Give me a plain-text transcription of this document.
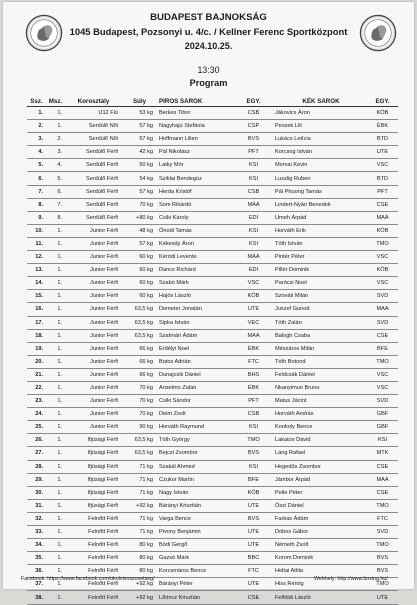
BUDAPEST BAJNOKSÁG
1045 Budapest, Pozsonyi u. 4/c. / Kellner Ferenc Sportközpont
2024.10.25.
13:30
Program
Ssz.	Msz.	Korosztály	Súly	PIROS SAROK	EGY.	KÉK SAROK	EGY.
1.	1.	U12 Fiú	53 kg	Berkes Tibor	CSB	Jákovics Áron	KÖB
2.	1.	Serdülő Női	57 kg	Nagyhajú Stefánia	CSP	Peszek Lili	ÉBK
3.	2.	Serdülő Női	57 kg	Hoffmann Lilien	BVS	Lukács Letícia	BTD
4.	3.	Serdülő Férfi	42 kg	Pál Nikolász	PFT	Korcsog István	UTE
5.	4.	Serdülő Férfi	50 kg	Latky Mór	KSI	Morvai Kevin	VSC
6.	5.	Serdülő Férfi	54 kg	Sziklai Bendegúz	KSI	Luszlig Ruben	BTD
7.	6.	Serdülő Férfi	57 kg	Herda Kristóf	CSB	Pál Phuong Tamás	PFT
8.	7.	Serdülő Férfi	70 kg	Som Rikárdó	MAA	Lindert-Nyári Benedek	CSE
9.	8.	Serdülő Férfi	+80 kg	Csiki Károly	EDI	Umeh Árpád	MAA
10.	1.	Junior Férfi	48 kg	Ónodi Tamás	KSI	Horváth Erik	KÖB
11.	1.	Junior Férfi	57 kg	Kékesdy Áron	KSI	Tóth István	TMO
12.	1.	Junior Férfi	60 kg	Kéródi Levente	MAA	Pintér Péter	VSC
13.	1.	Junior Férfi	60 kg	Dancs Richárd	EDI	Pillér Dominik	KÖB
14.	1.	Junior Férfi	60 kg	Szabó Márk	VSC	Paróczi Noel	VSC
15.	1.	Junior Férfi	60 kg	Hajós László	KÖB	Szováti Milán	SVD
16.	1.	Junior Férfi	63,5 kg	Demeter Jonatán	UTE	Juszef Gunod	MAA
17.	1.	Junior Férfi	63,5 kg	Sipka István	VEC	Tóth Zalán	SVD
18.	1.	Junior Férfi	63,5 kg	Szatmári Ádám	MAA	Balogh Csaba	CSE
19.	1.	Junior Férfi	66 kg	Erdélyi Noel	ÉBK	Mészáros Milán	BFE
20.	1.	Junior Férfi	66 kg	Botos Adrián	FTC	Tóth Botond	TMO
21.	1.	Junior Férfi	66 kg	Dunajcsik Dániel	BHS	Feldcsák Dániel	VSC
22.	1.	Junior Férfi	70 kg	Anselmo Zalán	ÉBK	Nkanyimuo Bruno	VSC
23.	1.	Junior Férfi	70 kg	Csiki Sándor	PFT	Matus Jácint	SVD
24.	1.	Junior Férfi	70 kg	Deim Zsolt	CSB	Horváth András	GBF
25.	1.	Junior Férfi	90 kg	Horváth Raymund	KSI	Konkoly Bence	GBF
26.	1.	Ifjúsági Férfi	63,5 kg	Tóth György	TMO	Lakatos Dávid	KSI
27.	1.	Ifjúsági Férfi	63,5 kg	Bejczi Zsombor	BVS	Láng Rafael	MTK
28.	1.	Ifjúsági Férfi	71 kg	Szakál Ahmed	KSI	Hegedűs Zsombor	CSE
29.	1.	Ifjúsági Férfi	71 kg	Czukor Martin	BFE	Jámbor Árpád	MAA
30.	1.	Ifjúsági Férfi	71 kg	Nagy István	KÖB	Pelle Péter	CSE
31.	1.	Ifjúsági Férfi	+92 kg	Bárányi Krisztián	UTE	Őszi Dániel	TMO
32.	1.	Felnőtt Férfi	71 kg	Varga Bence	BVS	Farkas Ádám	FTC
33.	1.	Felnőtt Férfi	71 kg	Pivony Benjámin	UTE	Dobos Gábor	SVD
34.	1.	Felnőtt Férfi	80 kg	Bódi Gergő	UTE	Németh Zsolt	TMO
35.	1.	Felnőtt Férfi	80 kg	Gazsó Márk	BBC	Korom Dominik	BVS
36.	1.	Felnőtt Férfi	80 kg	Korcsmáros Bence	FTC	Heltai Attila	BVS
37.	1.	Felnőtt Férfi	+92 kg	Bárányi Péter	UTE	Hiss Remig	TMO
38.	1.	Felnőtt Férfi	+92 kg	Lőrincz Krisztián	CSE	Felföldi László	UTE
Facebook: https://www.facebook.com/okolvivoszovetseg/	Webhely: http://www.boxing.hu/
